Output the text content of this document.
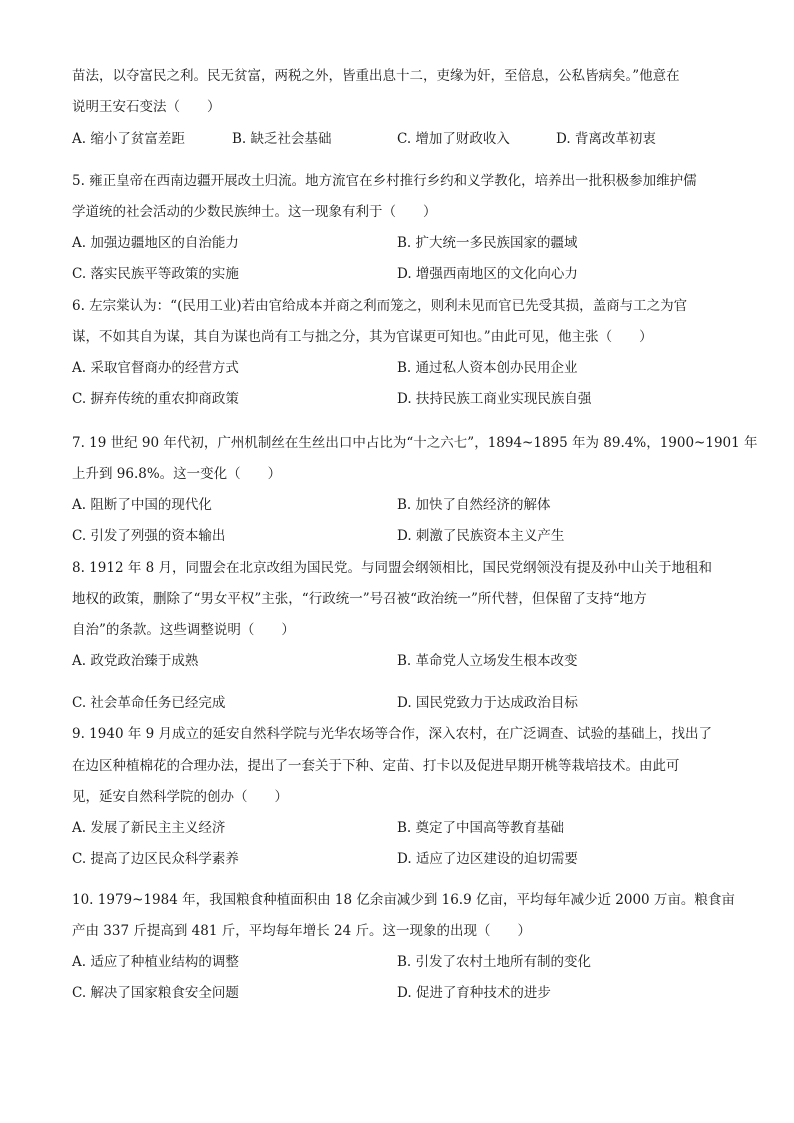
苗法，以夺富民之利。民无贫富，两税之外，皆重出息十二，吏缘为奸，至倍息，公私皆病矣。”他意在
说明王安石变法（　　）
A. 缩小了贫富差距	B. 缺乏社会基础	C. 增加了财政收入	D. 背离改革初衷
5. 雍正皇帝在西南边疆开展改土归流。地方流官在乡村推行乡约和义学教化，培养出一批积极参加维护儒
学道统的社会活动的少数民族绅士。这一现象有利于（　　）
A. 加强边疆地区的自治能力	B. 扩大统一多民族国家的疆域
C. 落实民族平等政策的实施	D. 增强西南地区的文化向心力
6. 左宗棠认为：“(民用工业)若由官给成本并商之利而笼之，则利未见而官已先受其损，盖商与工之为官
谋，不如其自为谋，其自为谋也尚有工与拙之分，其为官谋更可知也。”由此可见，他主张（　　）
A. 采取官督商办的经营方式	B. 通过私人资本创办民用企业
C. 摒弃传统的重农抑商政策	D. 扶持民族工商业实现民族自强
7. 19 世纪 90 年代初，广州机制丝在生丝出口中占比为“十之六七”，1894~1895 年为 89.4%，1900~1901 年
上升到 96.8%。这一变化（　　）
A. 阻断了中国的现代化	B. 加快了自然经济的解体
C. 引发了列强的资本输出	D. 刺激了民族资本主义产生
8. 1912 年 8 月，同盟会在北京改组为国民党。与同盟会纲领相比，国民党纲领没有提及孙中山关于地租和
地权的政策，删除了“男女平权”主张，“行政统一”号召被“政治统一”所代替，但保留了支持“地方
自治”的条款。这些调整说明（　　）
A. 政党政治臻于成熟	B. 革命党人立场发生根本改变
C. 社会革命任务已经完成	D. 国民党致力于达成政治目标
9. 1940 年 9 月成立的延安自然科学院与光华农场等合作，深入农村，在广泛调查、试验的基础上，找出了
在边区种植棉花的合理办法，提出了一套关于下种、定苗、打卡以及促进早期开桃等栽培技术。由此可
见，延安自然科学院的创办（　　）
A. 发展了新民主主义经济	B. 奠定了中国高等教育基础
C. 提高了边区民众科学素养	D. 适应了边区建设的迫切需要
10. 1979~1984 年，我国粮食种植面积由 18 亿余亩减少到 16.9 亿亩，平均每年减少近 2000 万亩。粮食亩
产由 337 斤提高到 481 斤，平均每年增长 24 斤。这一现象的出现（　　）
A. 适应了种植业结构的调整	B. 引发了农村土地所有制的变化
C. 解决了国家粮食安全问题	D. 促进了育种技术的进步
